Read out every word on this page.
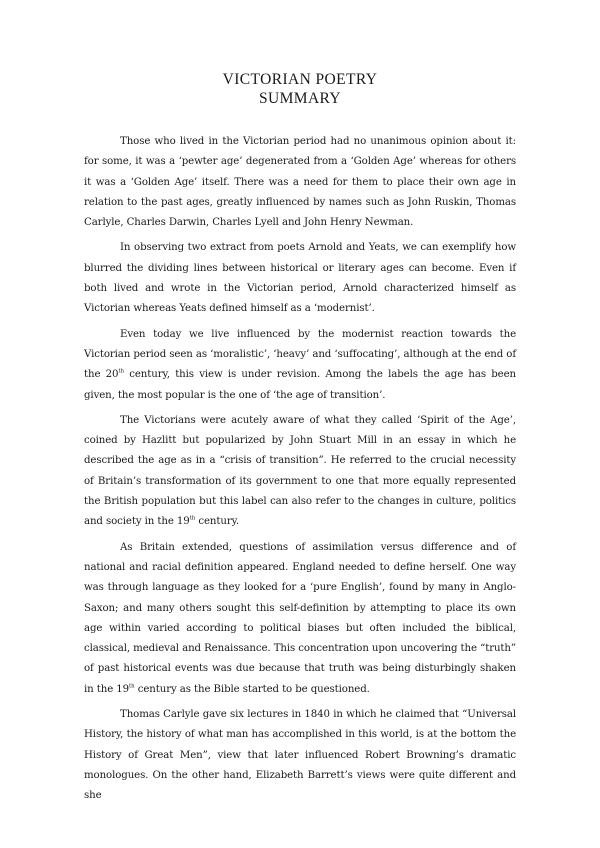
VICTORIAN POETRY
SUMMARY

Those who lived in the Victorian period had no unanimous opinion about it: for some, it was a ‘pewter age’ degenerated from a ‘Golden Age’ whereas for others it was a ‘Golden Age’ itself. There was a need for them to place their own age in relation to the past ages, greatly influenced by names such as John Ruskin, Thomas Carlyle, Charles Darwin, Charles Lyell and John Henry Newman.

In observing two extract from poets Arnold and Yeats, we can exemplify how blurred the dividing lines between historical or literary ages can become. Even if both lived and wrote in the Victorian period, Arnold characterized himself as Victorian whereas Yeats defined himself as a ‘modernist’.

Even today we live influenced by the modernist reaction towards the Victorian period seen as ‘moralistic’, ‘heavy’ and ‘suffocating’, although at the end of the 20th century, this view is under revision. Among the labels the age has been given, the most popular is the one of ‘the age of transition’.

The Victorians were acutely aware of what they called ‘Spirit of the Age’, coined by Hazlitt but popularized by John Stuart Mill in an essay in which he described the age as in a “crisis of transition”. He referred to the crucial necessity of Britain’s transformation of its government to one that more equally represented the British population but this label can also refer to the changes in culture, politics and society in the 19th century.

As Britain extended, questions of assimilation versus difference and of national and racial definition appeared. England needed to define herself. One way was through language as they looked for a ‘pure English’, found by many in Anglo-Saxon; and many others sought this self-definition by attempting to place its own age within varied according to political biases but often included the biblical, classical, medieval and Renaissance. This concentration upon uncovering the “truth” of past historical events was due because that truth was being disturbingly shaken in the 19th century as the Bible started to be questioned.

Thomas Carlyle gave six lectures in 1840 in which he claimed that “Universal History, the history of what man has accomplished in this world, is at the bottom the History of Great Men”, view that later influenced Robert Browning’s dramatic monologues. On the other hand, Elizabeth Barrett’s views were quite different and she
